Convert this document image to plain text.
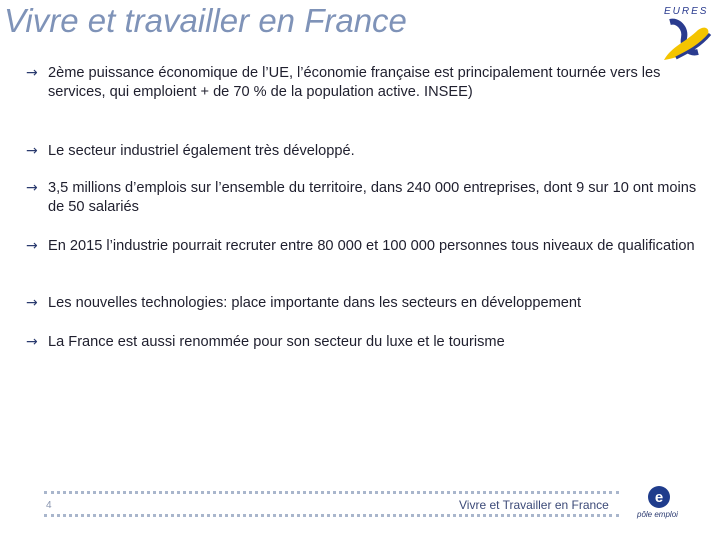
Vivre et travailler en France	EURES
→ 2ème puissance économique de l’UE, l’économie française est principalement tournée vers les services, qui emploient + de 70 % de la population active. INSEE)
→ Le secteur industriel également très développé.
→ 3,5 millions d’emplois sur l’ensemble du territoire, dans 240 000 entreprises, dont 9 sur 10 ont moins de 50 salariés
→ En 2015 l’industrie pourrait recruter entre 80 000 et 100 000 personnes tous niveaux de qualification
→ Les nouvelles technologies: place importante dans les secteurs en développement
→ La France est aussi renommée pour son secteur du luxe et le tourisme
4	Vivre et Travailler en France	e
pôle emploi
